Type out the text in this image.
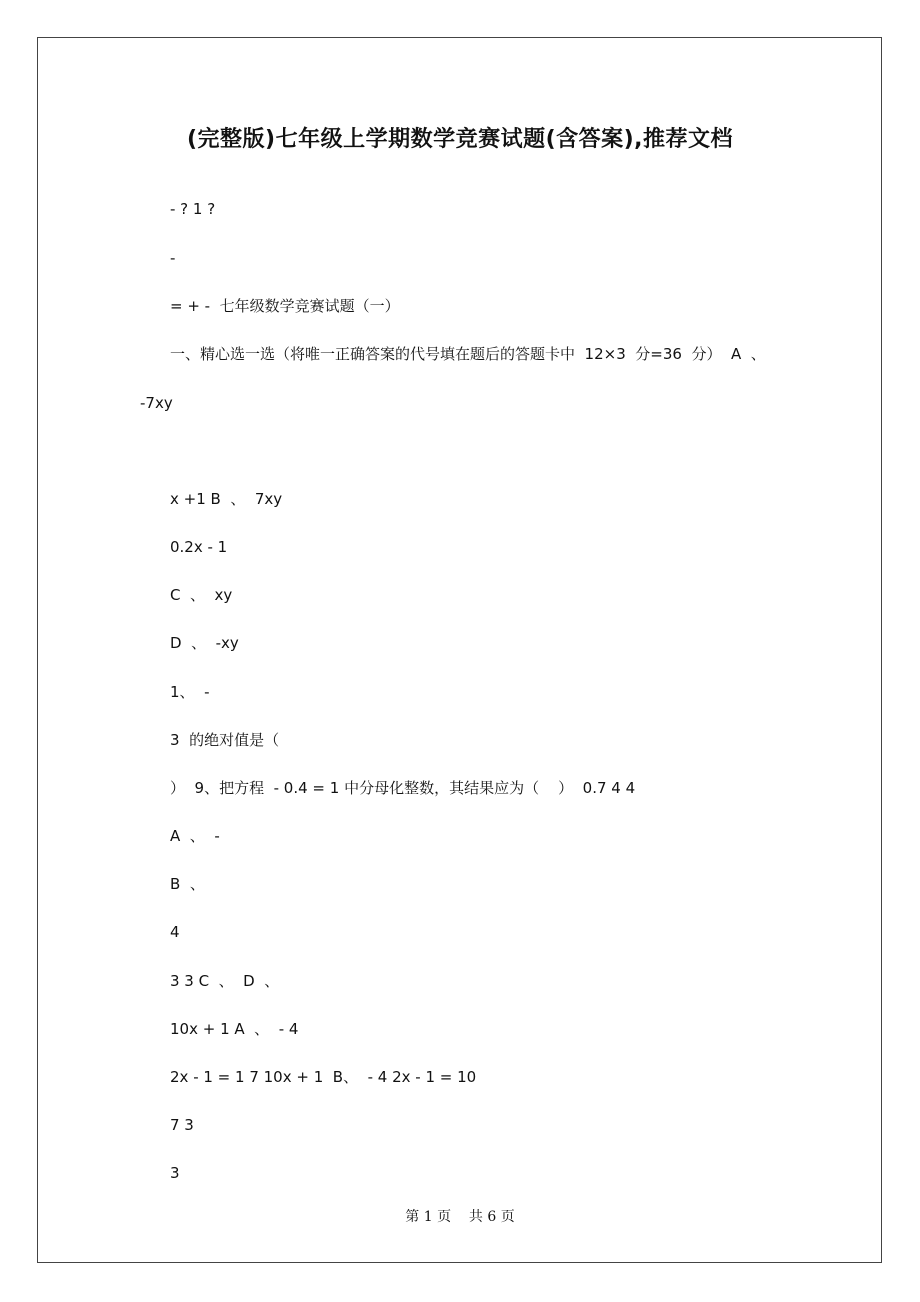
(完整版)七年级上学期数学竞赛试题(含答案),推荐文档
- ? 1 ?
-
= + -  七年级数学竞赛试题（一）
一、精心选一选（将唯一正确答案的代号填在题后的答题卡中  12×3  分=36  分）  A  、
-7xy
x +1 B  、  7xy
0.2x - 1
C  、  xy
D  、  -xy
1、  -
3  的绝对值是（
）  9、把方程  - 0.4 = 1 中分母化整数，其结果应为（    ）  0.7 4 4
A  、  -
B  、
4
3 3 C  、  D  、
10x + 1 A  、  - 4
2x - 1 = 1 7 10x + 1  B、  - 4 2x - 1 = 10
7 3
3
第 1 页    共 6 页
